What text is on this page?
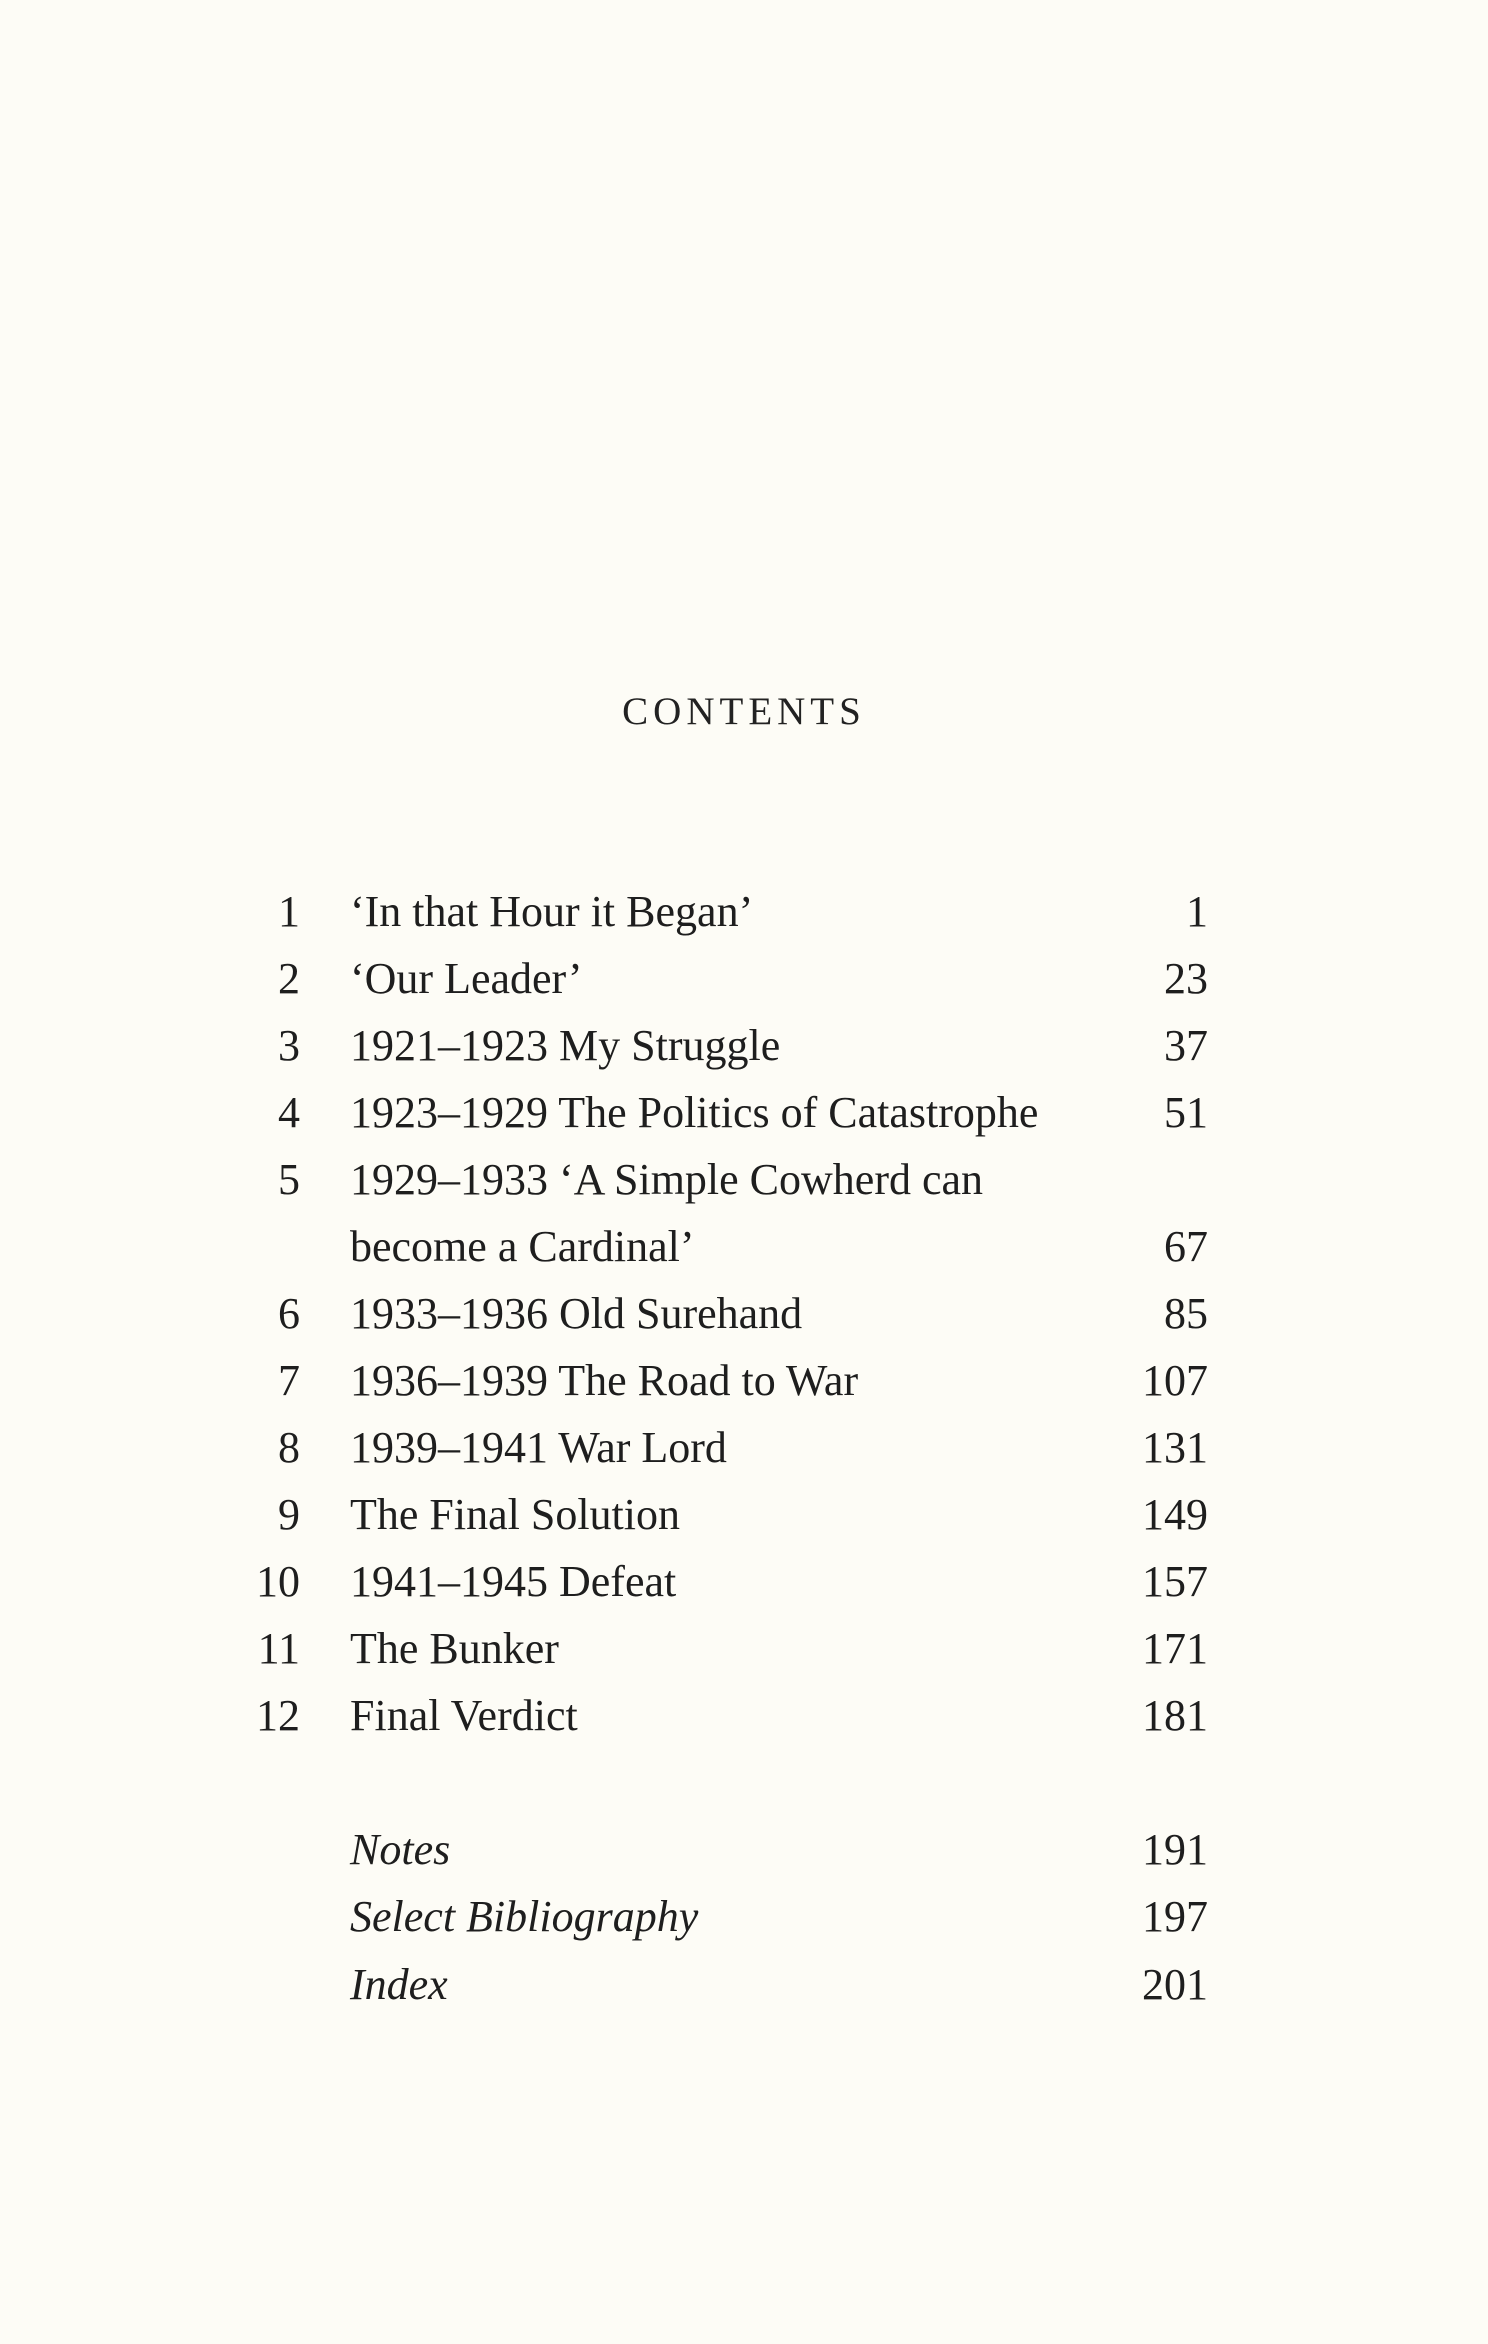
CONTENTS
1 ‘In that Hour it Began’	1
2 ‘Our Leader’	23
3 1921–1923 My Struggle	37
4 1923–1929 The Politics of Catastrophe	51
5 1929–1933 ‘A Simple Cowherd can
become a Cardinal’	67
6 1933–1936 Old Surehand	85
7 1936–1939 The Road to War	107
8 1939–1941 War Lord	131
9 The Final Solution	149
10 1941–1945 Defeat	157
11 The Bunker	171
12 Final Verdict	181
Notes	191
Select Bibliography	197
Index	201
